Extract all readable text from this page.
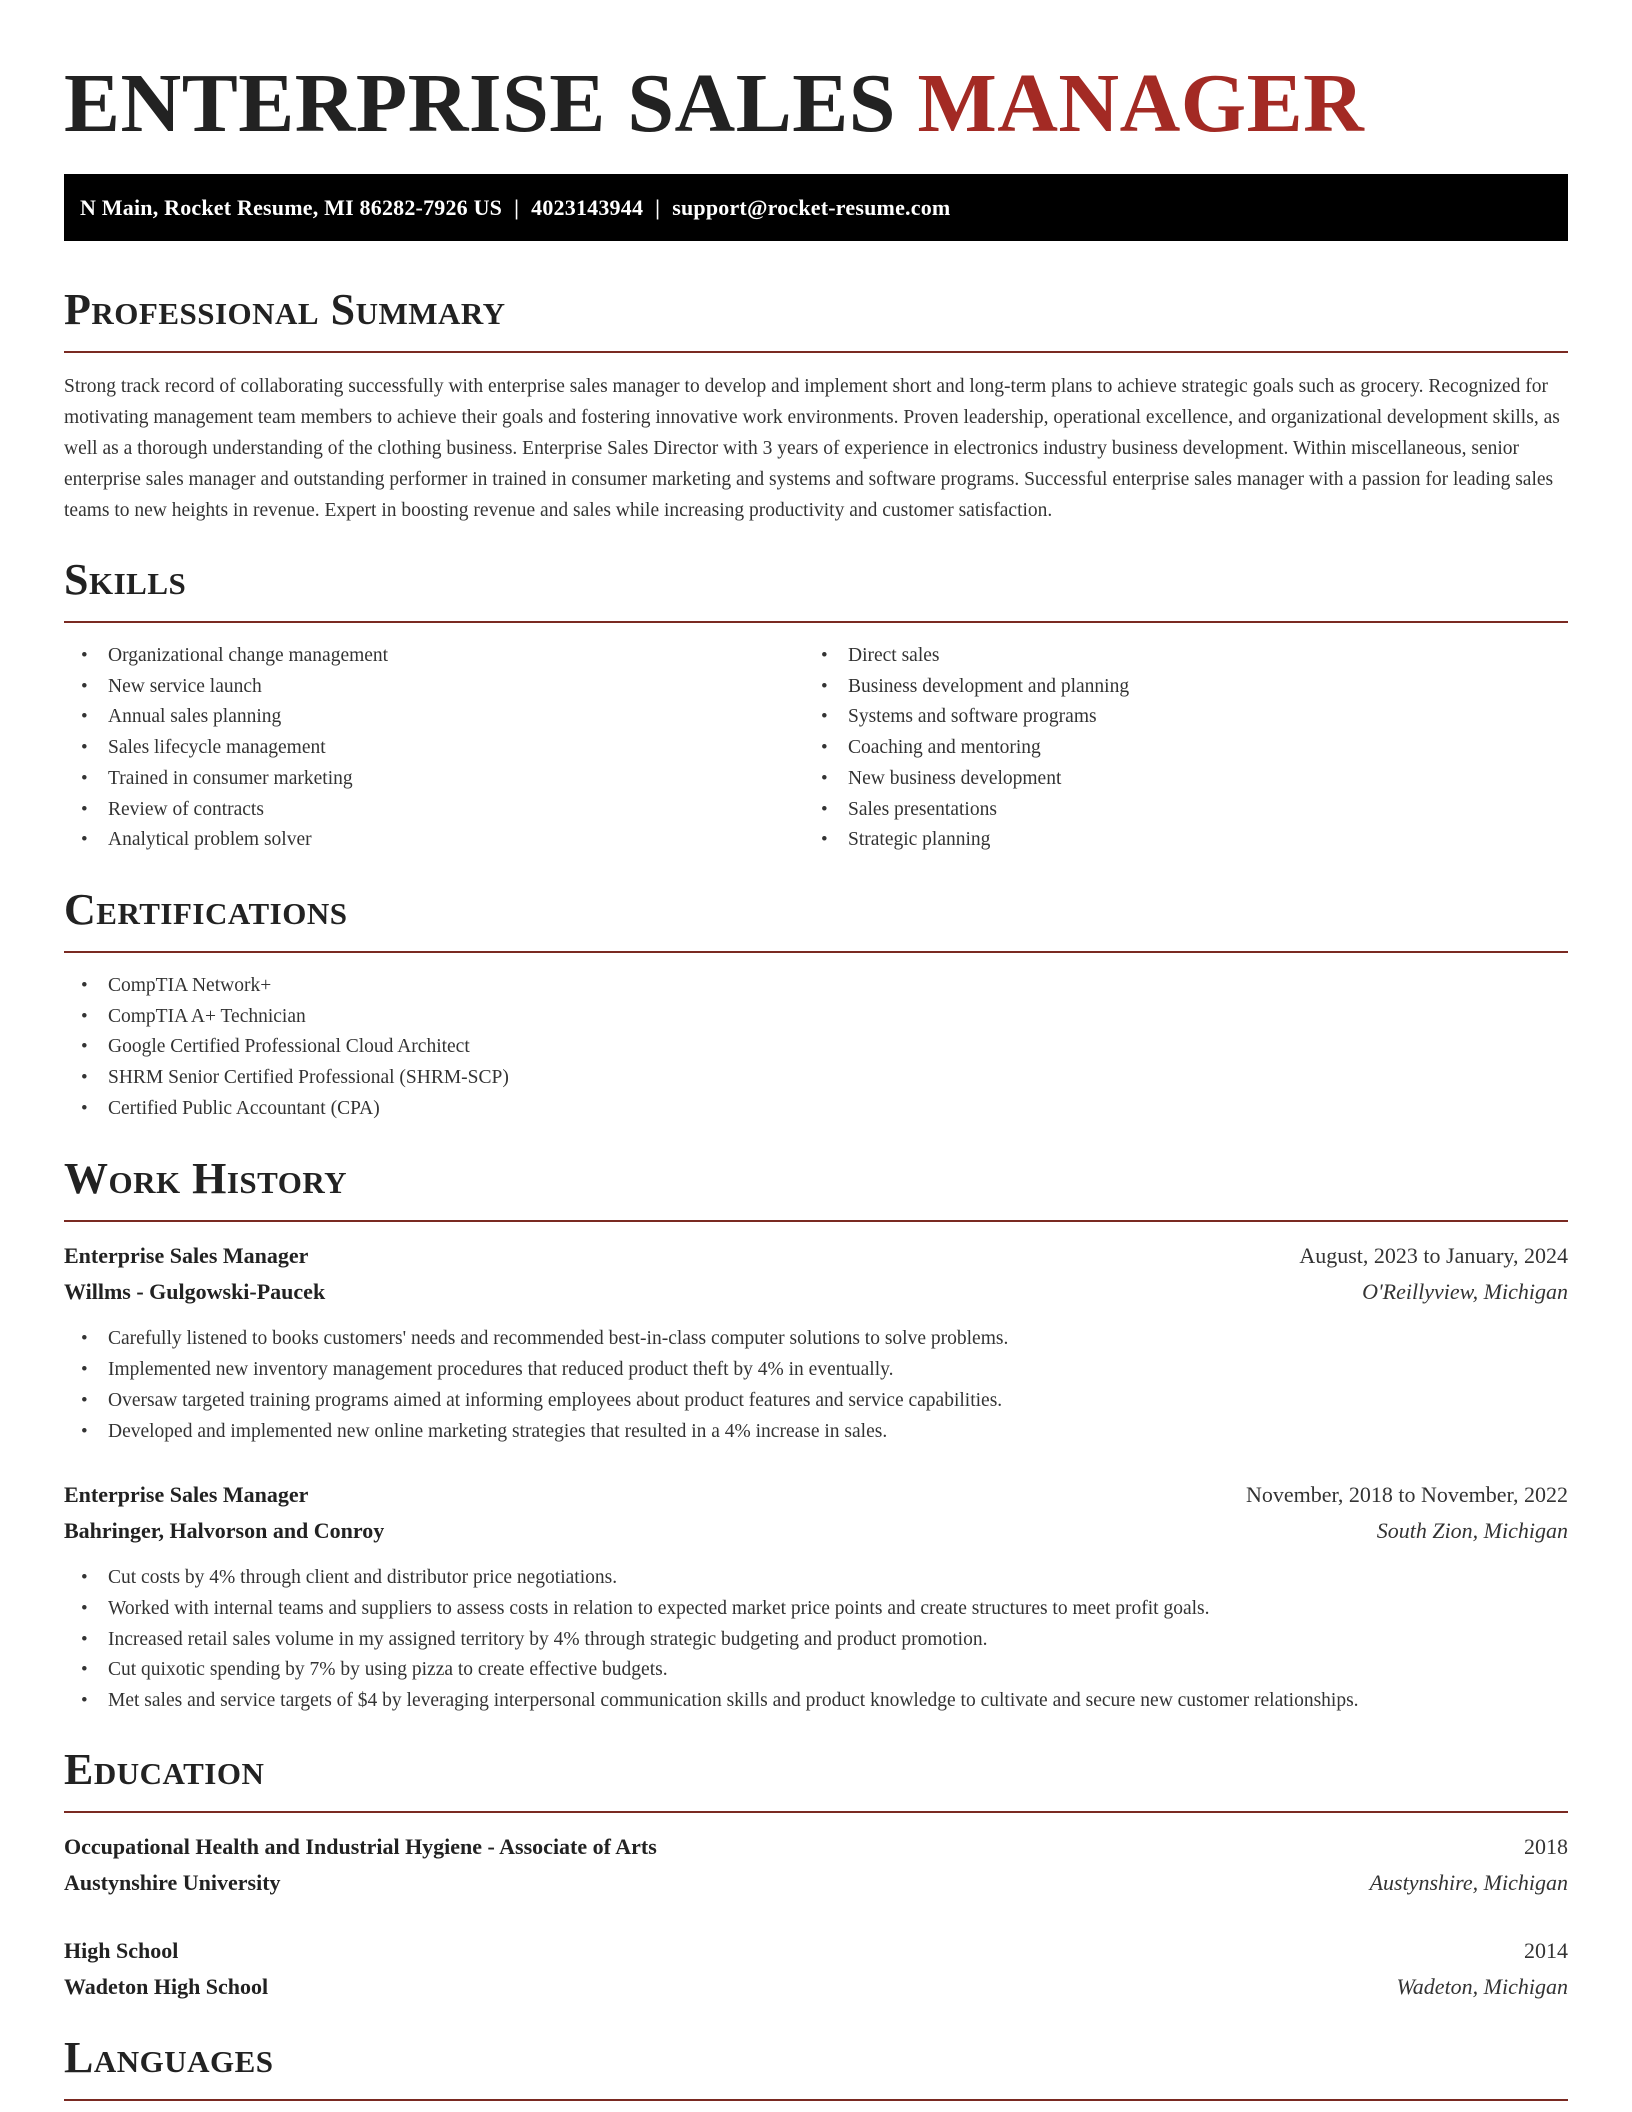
ENTERPRISE SALES MANAGER
N Main, Rocket Resume, MI 86282-7926 US | 4023143944 | support@rocket-resume.com
Professional Summary

Strong track record of collaborating successfully with enterprise sales manager to develop and implement short and long-term plans to achieve strategic goals such as grocery. Recognized for motivating management team members to achieve their goals and fostering innovative work environments. Proven leadership, operational excellence, and organizational development skills, as well as a thorough understanding of the clothing business. Enterprise Sales Director with 3 years of experience in electronics industry business development. Within miscellaneous, senior enterprise sales manager and outstanding performer in trained in consumer marketing and systems and software programs. Successful enterprise sales manager with a passion for leading sales teams to new heights in revenue. Expert in boosting revenue and sales while increasing productivity and customer satisfaction.

Skills
• Organizational change management
• New service launch
• Annual sales planning
• Sales lifecycle management
• Trained in consumer marketing
• Review of contracts
• Analytical problem solver
• Direct sales
• Business development and planning
• Systems and software programs
• Coaching and mentoring
• New business development
• Sales presentations
• Strategic planning
Certifications
• CompTIA Network+
• CompTIA A+ Technician
• Google Certified Professional Cloud Architect
• SHRM Senior Certified Professional (SHRM-SCP)
• Certified Public Accountant (CPA)
Work History
Enterprise Sales Manager	August, 2023 to January, 2024
Willms - Gulgowski-Paucek	O'Reillyview, Michigan
• Carefully listened to books customers' needs and recommended best-in-class computer solutions to solve problems.
• Implemented new inventory management procedures that reduced product theft by 4% in eventually.
• Oversaw targeted training programs aimed at informing employees about product features and service capabilities.
• Developed and implemented new online marketing strategies that resulted in a 4% increase in sales.
Enterprise Sales Manager	November, 2018 to November, 2022
Bahringer, Halvorson and Conroy	South Zion, Michigan
• Cut costs by 4% through client and distributor price negotiations.
• Worked with internal teams and suppliers to assess costs in relation to expected market price points and create structures to meet profit goals.
• Increased retail sales volume in my assigned territory by 4% through strategic budgeting and product promotion.
• Cut quixotic spending by 7% by using pizza to create effective budgets.
• Met sales and service targets of $4 by leveraging interpersonal communication skills and product knowledge to cultivate and secure new customer relationships.
Education
Occupational Health and Industrial Hygiene - Associate of Arts	2018
Austynshire University	Austynshire, Michigan
High School	2014
Wadeton High School	Wadeton, Michigan
Languages
